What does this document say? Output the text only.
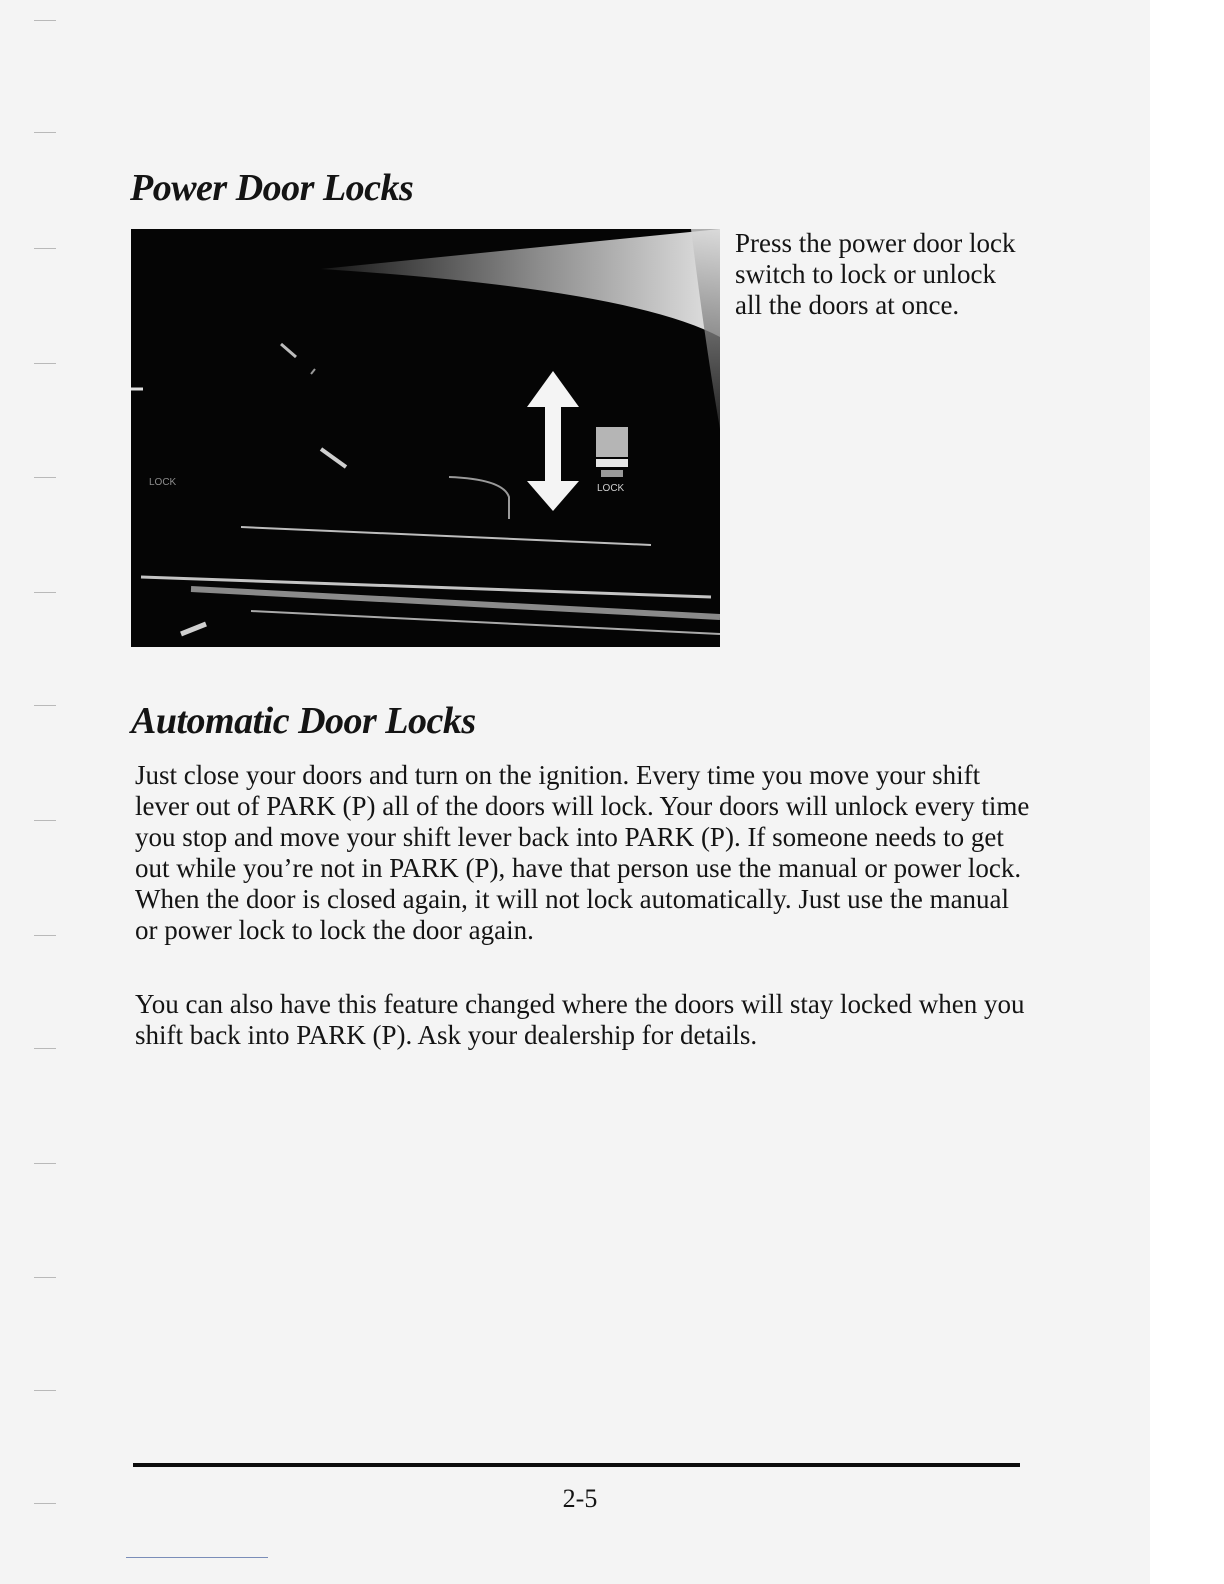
Power Door Locks
LOCK
LOCK

Press the power door lock switch to lock or unlock all the doors at once.

Automatic Door Locks

Just close your doors and turn on the ignition. Every time you move your shift lever out of PARK (P) all of the doors will lock. Your doors will unlock every time you stop and move your shift lever back into PARK (P). If someone needs to get out while you’re not in PARK (P), have that person use the manual or power lock. When the door is closed again, it will not lock automatically. Just use the manual or power lock to lock the door again.

You can also have this feature changed where the doors will stay locked when you shift back into PARK (P). Ask your dealership for details.

2-5
